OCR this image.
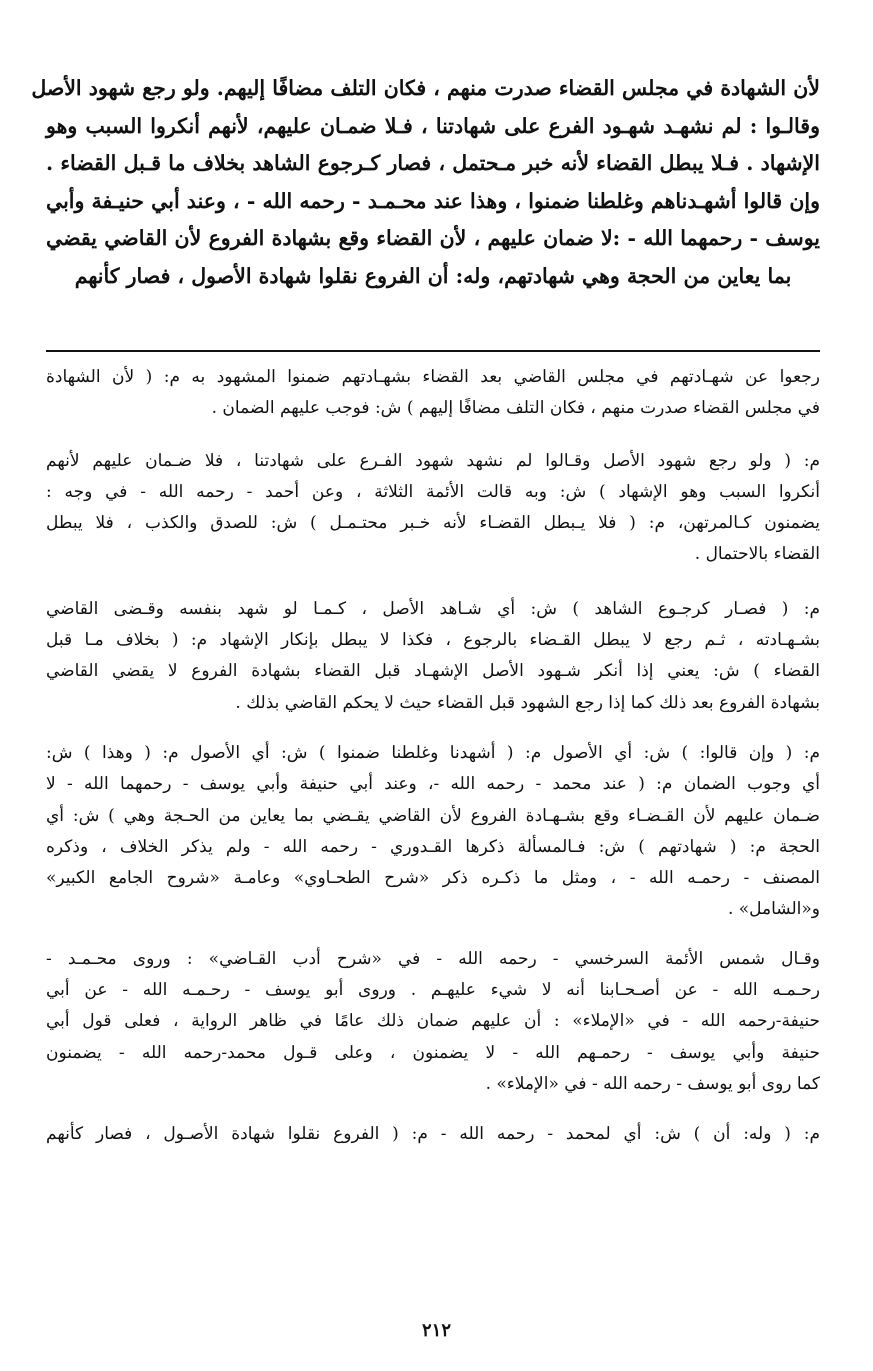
لأن الشهادة في مجلس القضاء صدرت منهم ، فكان التلف مضافًا إليهم. ولو رجع شهود الأصل
وقالـوا : لم نشهـد شهـود الفرع على شهادتنا ، فـلا ضمـان عليهم، لأنهم أنكروا السبب وهو
الإشهاد . فـلا يبطل القضاء لأنه خبر مـحتمل ، فصار كـرجوع الشاهد بخلاف ما قـبل القضاء .
وإن قالوا أشهـدناهم وغلطنا ضمنوا ، وهذا عند محـمـد - رحمه الله - ، وعند أبي حنيـفة وأبي
يوسف - رحمهما الله - :لا ضمان عليهم ، لأن القضاء وقع بشهادة الفروع لأن القاضي يقضي
بما يعاين من الحجة وهي شهادتهم، وله: أن الفروع نقلوا شهادة الأصول ، فصار كأنهم
رجعوا عن شهـادتهم في مجلس القاضي بعد القضاء بشهـادتهم ضمنوا المشهود به م: ( لأن الشهادة
في مجلس القضاء صدرت منهم ، فكان التلف مضافًا إليهم ) ش: فوجب عليهم الضمان .
م: ( ولو رجع شهود الأصل وقـالوا لم نشهد شهود الفـرع على شهادتنا ، فلا ضـمان عليهم لأنهم
أنكروا السبب وهو الإشهاد ) ش: وبه قالت الأئمة الثلاثة ، وعن أحمد - رحمه الله - في وجه :
يضمنون كـالمرتهن، م: ( فلا يـبطل القضـاء لأنه خـبر محتـمـل ) ش: للصدق والكذب ، فلا يبطل
القضاء بالاحتمال .
م: ( فصـار كرجـوع الشاهد ) ش: أي شـاهد الأصل ، كـمـا لو شهد بنفسه وقـضى القاضي
بشـهـادته ، ثـم رجع لا يبطل القـضاء بالرجوع ، فكذا لا يبطل بإنكار الإشهاد م: ( بخلاف مـا قبل
القضاء ) ش: يعني إذا أنكر شـهود الأصل الإشهـاد قبل القضاء بشهادة الفروع لا يقضي القاضي
بشهادة الفروع بعد ذلك كما إذا رجع الشهود قبل القضاء حيث لا يحكم القاضي بذلك .
م: ( وإن قالوا: ) ش: أي الأصول م: ( أشهدنا وغلطنا ضمنوا ) ش: أي الأصول م: ( وهذا ) ش:
أي وجوب الضمان م: ( عند محمد - رحمه الله -، وعند أبي حنيفة وأبي يوسف - رحمهما الله - لا
ضـمان عليهم لأن القـضـاء وقع بشـهـادة الفروع لأن القاضي يقـضي بما يعاين من الحـجة وهي ) ش: أي
الحجة م: ( شهادتهم ) ش: فـالمسألة ذكرها القـدوري - رحمه الله - ولم يذكر الخلاف ، وذكره
المصنف - رحمـه الله - ، ومثل ما ذكـره ذكر «شرح الطحـاوي» وعامـة «شروح الجامع الكبير»
و«الشامل» .
وقـال شمس الأئمة السرخسي - رحمه الله - في «شرح أدب القـاضي» : وروى محـمـد -
رحـمـه الله - عن أصـحـابنا أنه لا شيء عليهـم . وروى أبو يوسف - رحـمـه الله - عن أبي
حنيفة-رحمه الله - في «الإملاء» : أن عليهم ضمان ذلك عامًا في ظاهر الرواية ، فعلى قول أبي
حنيفة وأبي يوسف - رحمـهم الله - لا يضمنون ، وعلى قـول محمد-رحمه الله - يضمنون
كما روى أبو يوسف - رحمه الله - في «الإملاء» .
م: ( وله: أن ) ش: أي لمحمد - رحمه الله - م: ( الفروع نقلوا شهادة الأصـول ، فصار كأنهم
٢١٢
